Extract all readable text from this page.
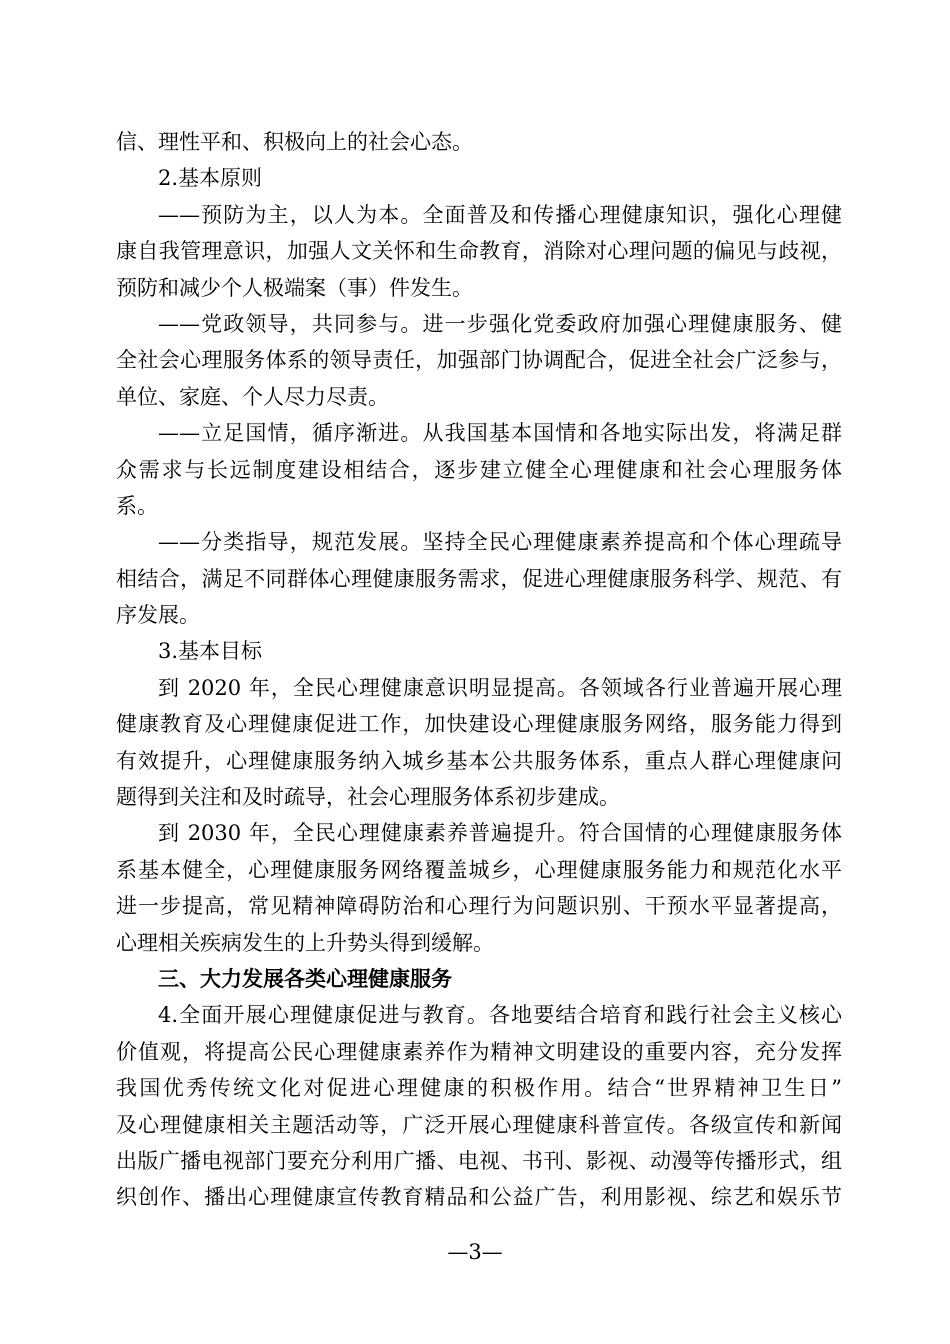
信、理性平和、积极向上的社会心态。
2.基本原则
——预防为主，以人为本。全面普及和传播心理健康知识，强化心理健
康自我管理意识，加强人文关怀和生命教育，消除对心理问题的偏见与歧视，
预防和减少个人极端案（事）件发生。
——党政领导，共同参与。进一步强化党委政府加强心理健康服务、健
全社会心理服务体系的领导责任，加强部门协调配合，促进全社会广泛参与，
单位、家庭、个人尽力尽责。
——立足国情，循序渐进。从我国基本国情和各地实际出发，将满足群
众需求与长远制度建设相结合，逐步建立健全心理健康和社会心理服务体
系。
——分类指导，规范发展。坚持全民心理健康素养提高和个体心理疏导
相结合，满足不同群体心理健康服务需求，促进心理健康服务科学、规范、有
序发展。
3.基本目标
到 2020 年，全民心理健康意识明显提高。各领域各行业普遍开展心理
健康教育及心理健康促进工作，加快建设心理健康服务网络，服务能力得到
有效提升，心理健康服务纳入城乡基本公共服务体系，重点人群心理健康问
题得到关注和及时疏导，社会心理服务体系初步建成。
到 2030 年，全民心理健康素养普遍提升。符合国情的心理健康服务体
系基本健全，心理健康服务网络覆盖城乡，心理健康服务能力和规范化水平
进一步提高，常见精神障碍防治和心理行为问题识别、干预水平显著提高，
心理相关疾病发生的上升势头得到缓解。
三、大力发展各类心理健康服务
4.全面开展心理健康促进与教育。各地要结合培育和践行社会主义核心
价值观，将提高公民心理健康素养作为精神文明建设的重要内容，充分发挥
我国优秀传统文化对促进心理健康的积极作用。结合“世界精神卫生日”
及心理健康相关主题活动等，广泛开展心理健康科普宣传。各级宣传和新闻
出版广播电视部门要充分利用广播、电视、书刊、影视、动漫等传播形式，组
织创作、播出心理健康宣传教育精品和公益广告，利用影视、综艺和娱乐节
—3—
